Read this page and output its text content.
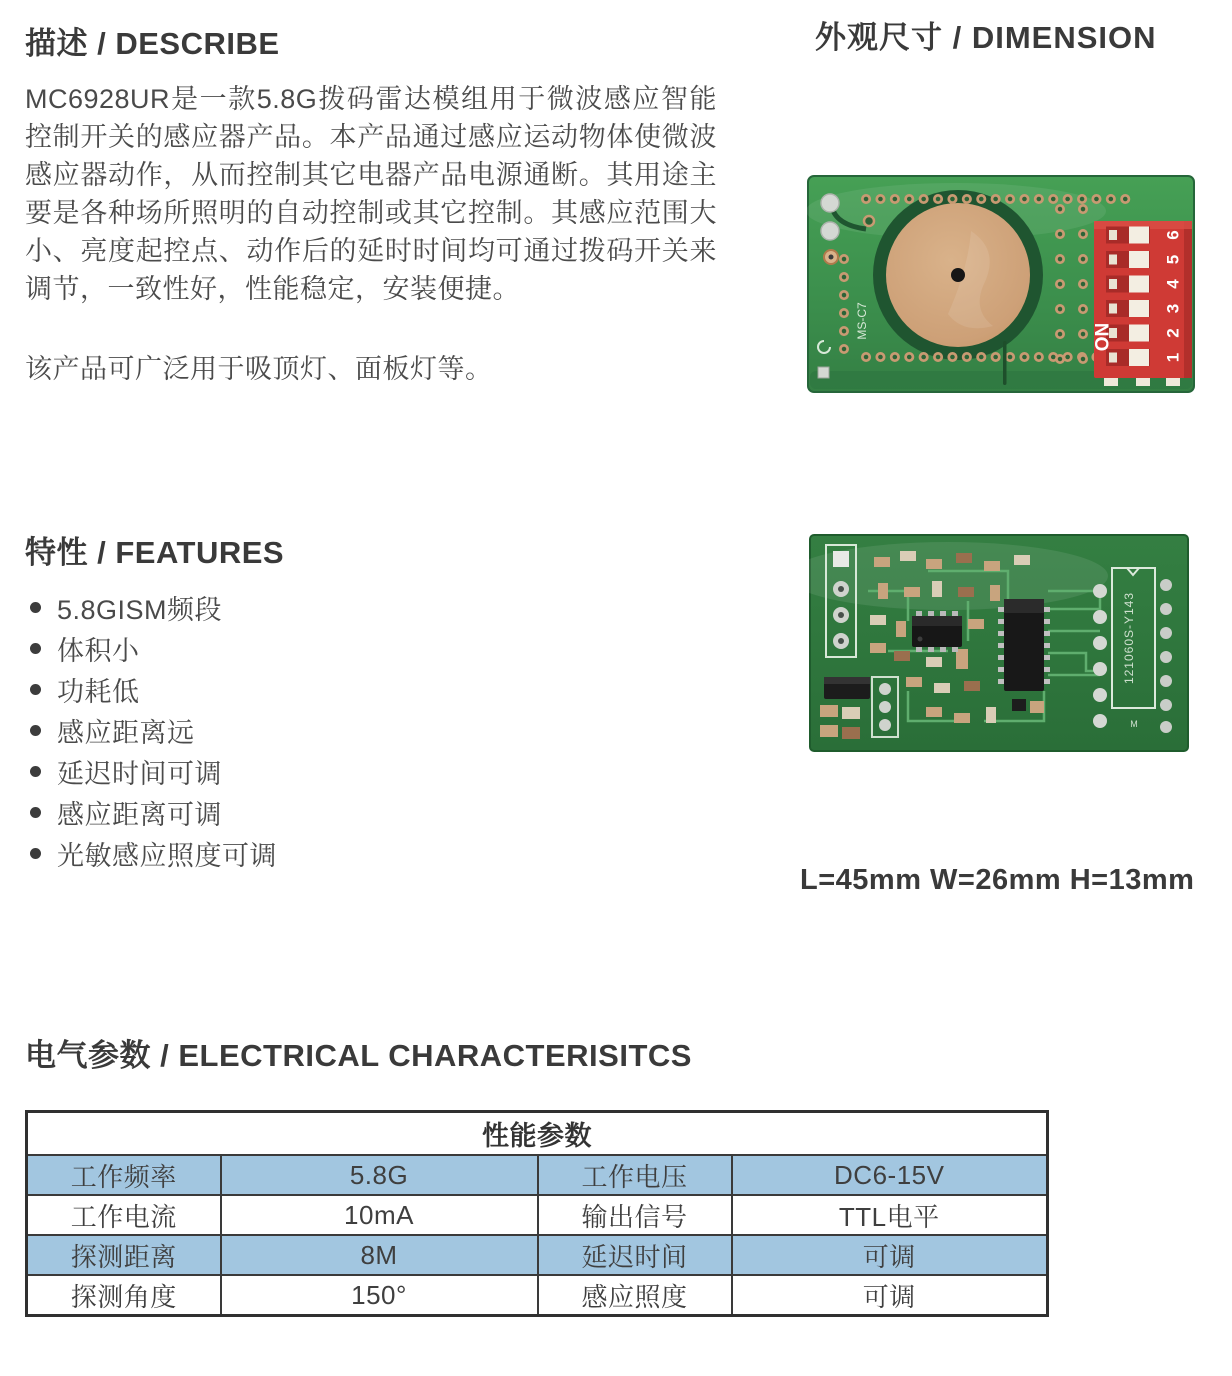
描述 / DESCRIBE

MC6928UR是一款5.8G拨码雷达模组用于微波感应智能控制开关的感应器产品。本产品通过感应运动物体使微波感应器动作，从而控制其它电器产品电源通断。其用途主要是各种场所照明的自动控制或其它控制。其感应范围大小、亮度起控点、动作后的延时时间均可通过拨码开关来调节，一致性好，性能稳定，安装便捷。

该产品可广泛用于吸顶灯、面板灯等。

外观尺寸 / DIMENSION
MS-C7
6
5
4
3
2
1
ON
121060S-Y143
M
L=45mm W=26mm H=13mm
特性 / FEATURES
5.8GISM频段
体积小
功耗低
感应距离远
延迟时间可调
感应距离可调
光敏感应照度可调
电气参数 / ELECTRICAL CHARACTERISITCS
性能参数			
工作频率	5.8G	工作电压	DC6-15V
工作电流	10mA	输出信号	TTL电平
探测距离	8M	延迟时间	可调
探测角度	150°	感应照度	可调
